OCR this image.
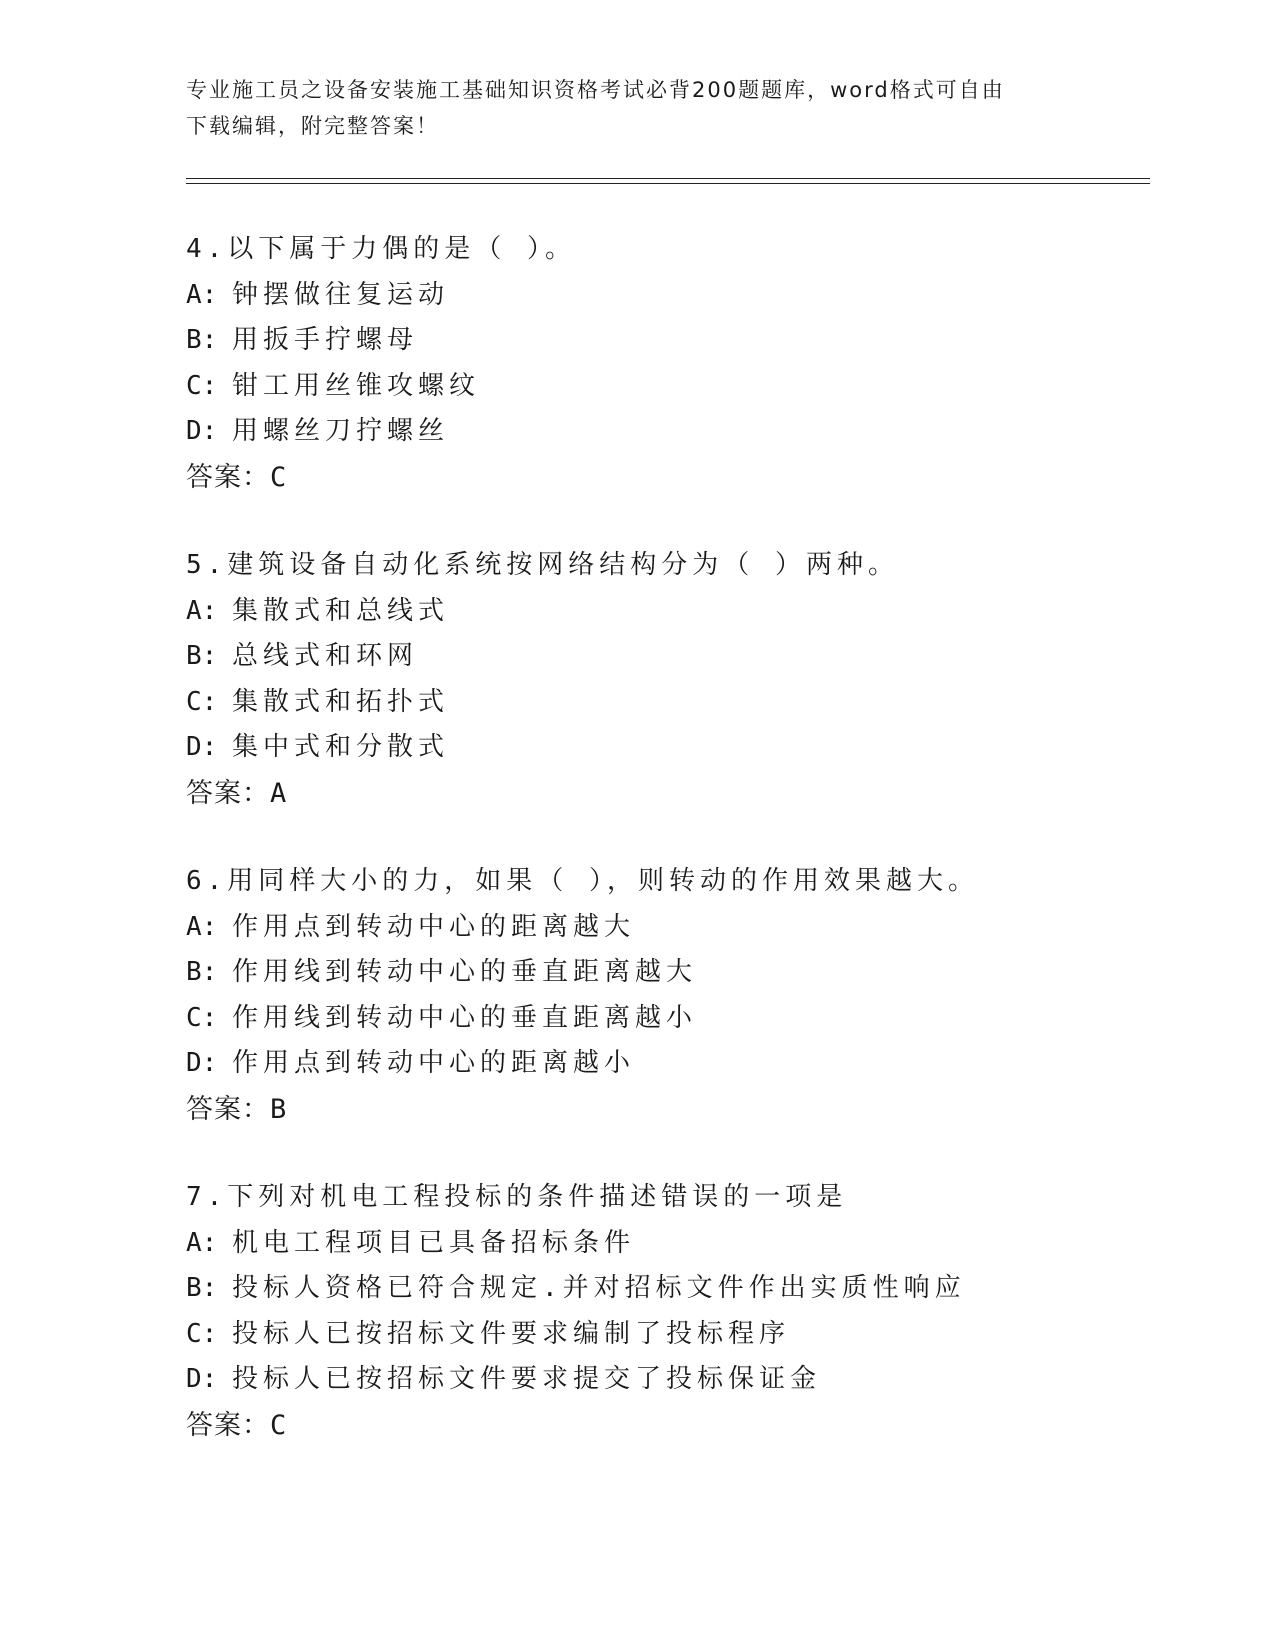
专业施工员之设备安装施工基础知识资格考试必背200题题库，word格式可自由
下载编辑，附完整答案！
4.以下属于力偶的是（ ）。
A: 钟摆做往复运动
B: 用扳手拧螺母
C: 钳工用丝锥攻螺纹
D: 用螺丝刀拧螺丝
答案：C
5.建筑设备自动化系统按网络结构分为（ ）两种。
A: 集散式和总线式
B: 总线式和环网
C: 集散式和拓扑式
D: 集中式和分散式
答案：A
6.用同样大小的力，如果（ ），则转动的作用效果越大。
A: 作用点到转动中心的距离越大
B: 作用线到转动中心的垂直距离越大
C: 作用线到转动中心的垂直距离越小
D: 作用点到转动中心的距离越小
答案：B
7.下列对机电工程投标的条件描述错误的一项是
A: 机电工程项目已具备招标条件
B: 投标人资格已符合规定.并对招标文件作出实质性响应
C: 投标人已按招标文件要求编制了投标程序
D: 投标人已按招标文件要求提交了投标保证金
答案：C
